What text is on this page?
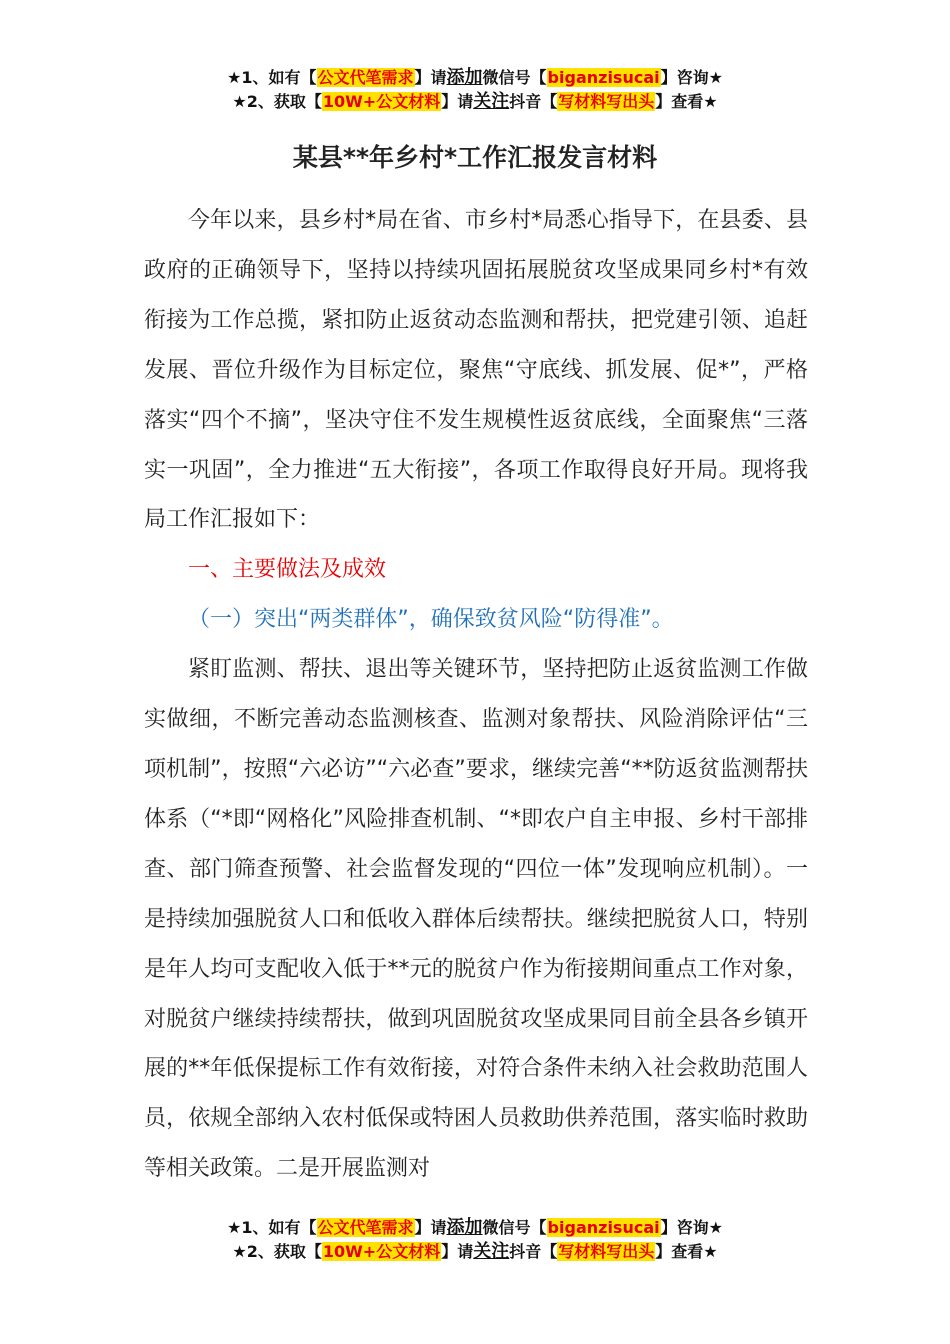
★1、如有【公文代笔需求】请添加微信号【biganzisucai】咨询★
★2、获取【10W+公文材料】请关注抖音【写材料写出头】查看★
某县**年乡村*工作汇报发言材料

今年以来，县乡村*局在省、市乡村*局悉心指导下，在县委、县政府的正确领导下，坚持以持续巩固拓展脱贫攻坚成果同乡村*有效衔接为工作总揽，紧扣防止返贫动态监测和帮扶，把党建引领、追赶发展、晋位升级作为目标定位，聚焦“守底线、抓发展、促*”，严格落实“四个不摘”，坚决守住不发生规模性返贫底线，全面聚焦“三落实一巩固”，全力推进“五大衔接”，各项工作取得良好开局。现将我局工作汇报如下：

一、主要做法及成效

（一）突出“两类群体”，确保致贫风险“防得准”。

紧盯监测、帮扶、退出等关键环节，坚持把防止返贫监测工作做实做细，不断完善动态监测核查、监测对象帮扶、风险消除评估“三项机制”，按照“六必访”“六必查”要求，继续完善“**防返贫监测帮扶体系（“*即“网格化”风险排查机制、“*即农户自主申报、乡村干部排查、部门筛查预警、社会监督发现的“四位一体”发现响应机制）。一是持续加强脱贫人口和低收入群体后续帮扶。继续把脱贫人口，特别是年人均可支配收入低于**元的脱贫户作为衔接期间重点工作对象，对脱贫户继续持续帮扶，做到巩固脱贫攻坚成果同目前全县各乡镇开展的**年低保提标工作有效衔接，对符合条件未纳入社会救助范围人员，依规全部纳入农村低保或特困人员救助供养范围，落实临时救助等相关政策。二是开展监测对

★1、如有【公文代笔需求】请添加微信号【biganzisucai】咨询★
★2、获取【10W+公文材料】请关注抖音【写材料写出头】查看★
